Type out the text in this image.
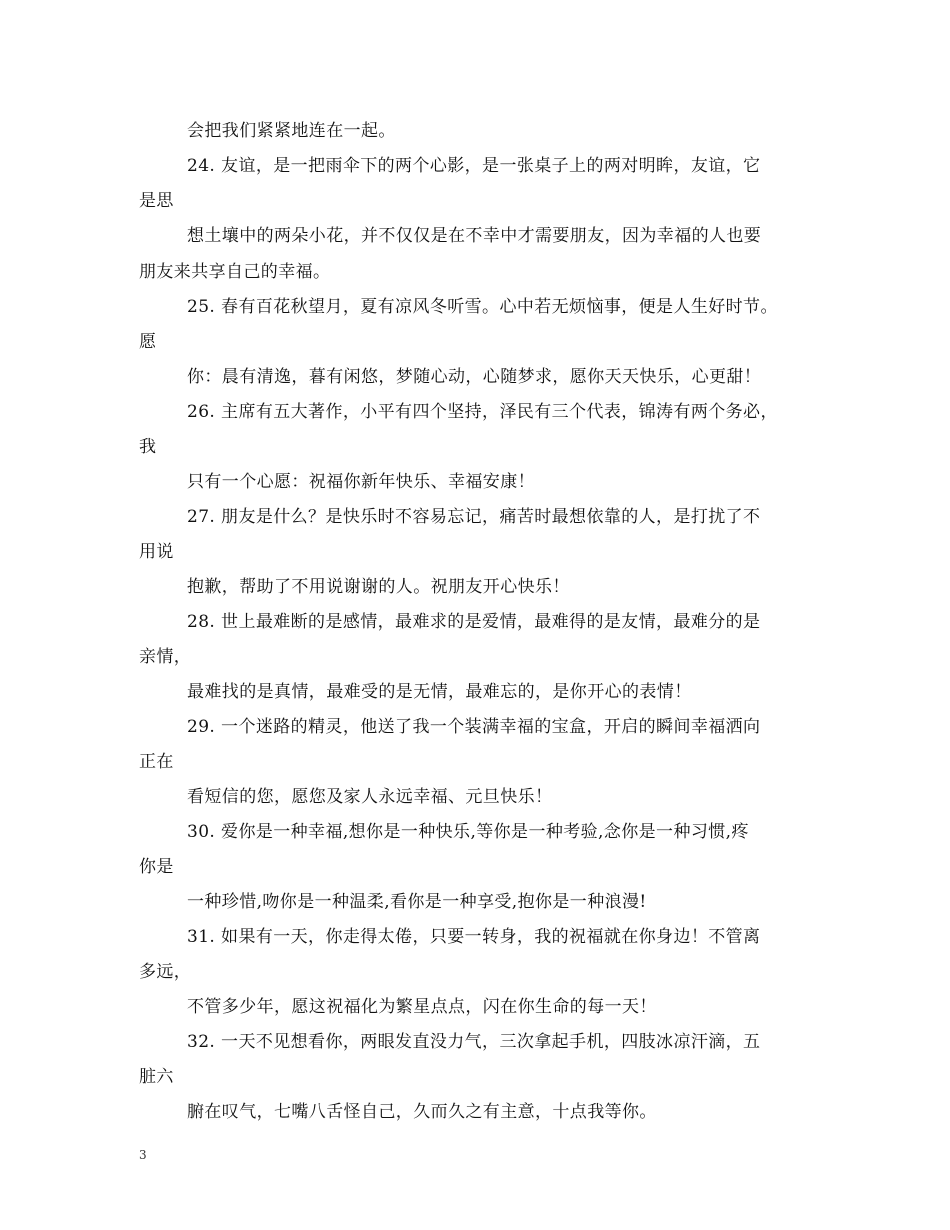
会把我们紧紧地连在一起。
24. 友谊，是一把雨伞下的两个心影，是一张桌子上的两对明眸，友谊，它
是思
想土壤中的两朵小花，并不仅仅是在不幸中才需要朋友，因为幸福的人也要
朋友来共享自己的幸福。
25. 春有百花秋望月，夏有凉风冬听雪。心中若无烦恼事，便是人生好时节。
愿
你：晨有清逸，暮有闲悠，梦随心动，心随梦求，愿你天天快乐，心更甜！
26. 主席有五大著作，小平有四个坚持，泽民有三个代表，锦涛有两个务必，
我
只有一个心愿：祝福你新年快乐、幸福安康！
27. 朋友是什么？是快乐时不容易忘记，痛苦时最想依靠的人，是打扰了不
用说
抱歉，帮助了不用说谢谢的人。祝朋友开心快乐！
28. 世上最难断的是感情，最难求的是爱情，最难得的是友情，最难分的是
亲情，
最难找的是真情，最难受的是无情，最难忘的，是你开心的表情！
29. 一个迷路的精灵，他送了我一个装满幸福的宝盒，开启的瞬间幸福洒向
正在
看短信的您，愿您及家人永远幸福、元旦快乐！
30. 爱你是一种幸福,想你是一种快乐,等你是一种考验,念你是一种习惯,疼
你是
一种珍惜,吻你是一种温柔,看你是一种享受,抱你是一种浪漫!
31. 如果有一天，你走得太倦，只要一转身，我的祝福就在你身边！不管离
多远，
不管多少年，愿这祝福化为繁星点点，闪在你生命的每一天！
32. 一天不见想看你，两眼发直没力气，三次拿起手机，四肢冰凉汗滴，五
脏六
腑在叹气，七嘴八舌怪自己，久而久之有主意，十点我等你。
3
